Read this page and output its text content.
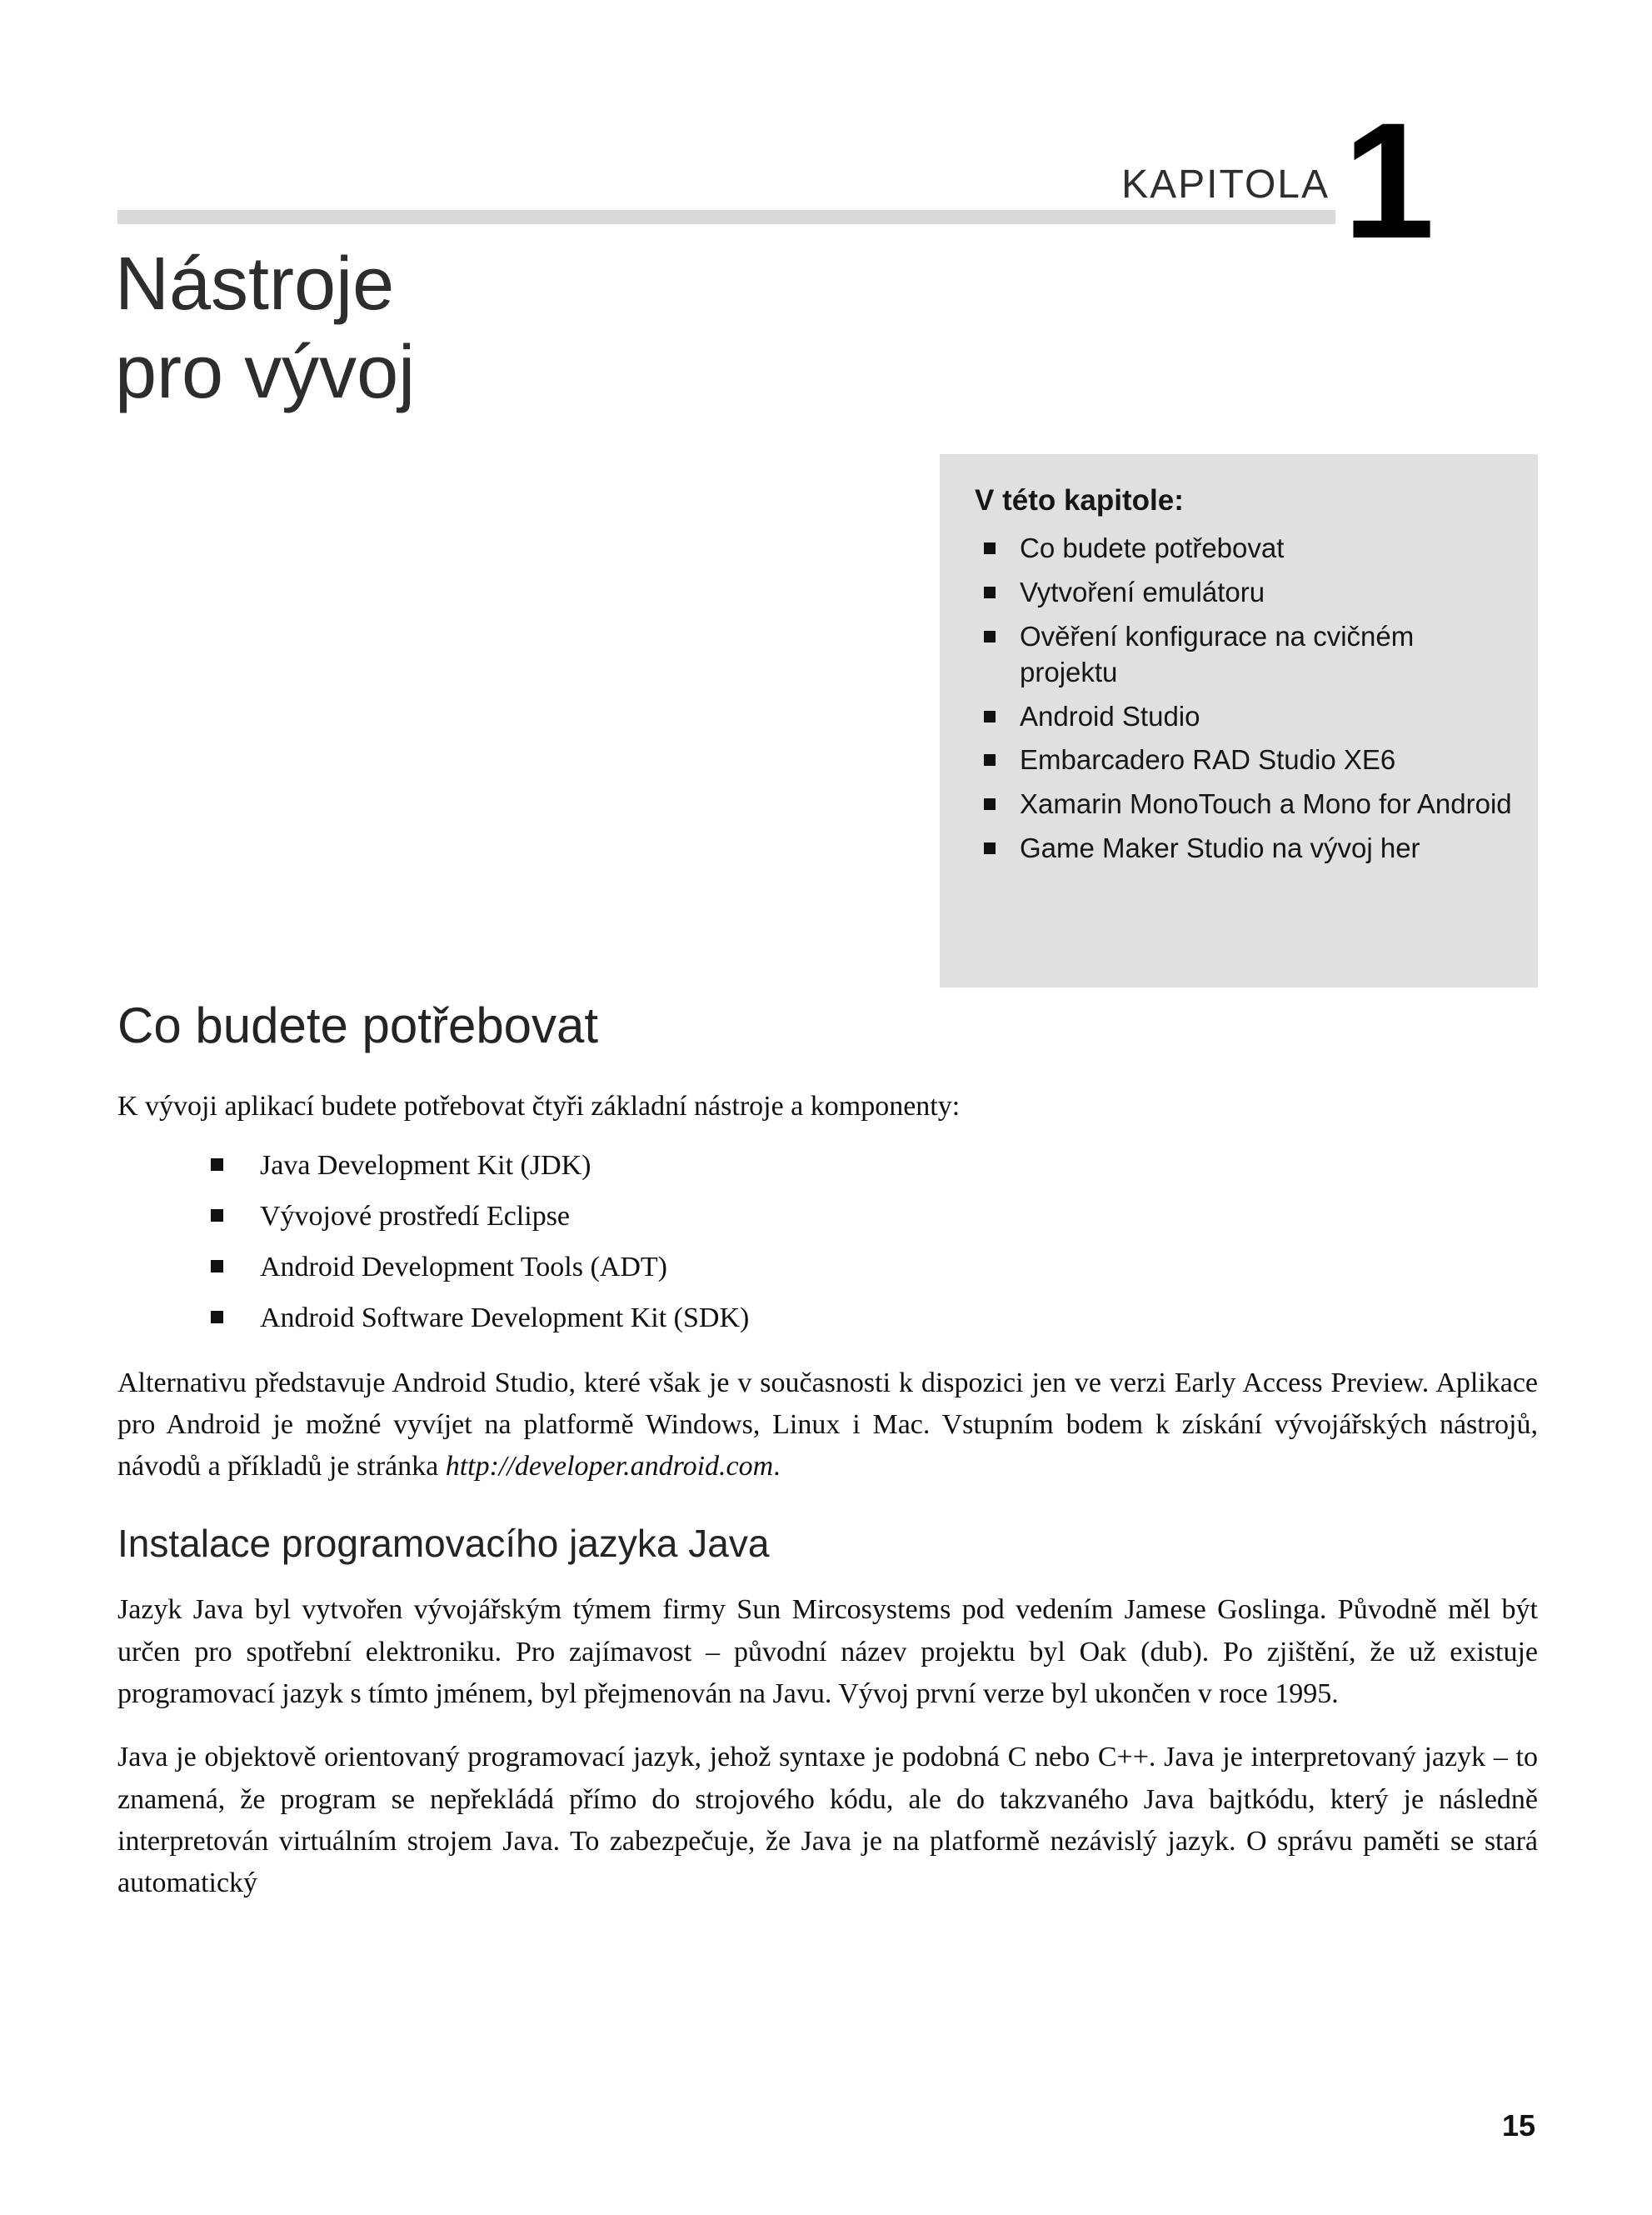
KAPITOLA 1
Nástroje
pro vývoj
V této kapitole:
Co budete potřebovat
Vytvoření emulátoru
Ověření konfigurace na cvičném projektu
Android Studio
Embarcadero RAD Studio XE6
Xamarin MonoTouch a Mono for Android
Game Maker Studio na vývoj her
Co budete potřebovat

K vývoji aplikací budete potřebovat čtyři základní nástroje a komponenty:

Java Development Kit (JDK)
Vývojové prostředí Eclipse
Android Development Tools (ADT)
Android Software Development Kit (SDK)

Alternativu představuje Android Studio, které však je v současnosti k dispozici jen ve verzi Early Access Preview. Aplikace pro Android je možné vyvíjet na platformě Windows, Linux i Mac. Vstupním bodem k získání vývojářských nástrojů, návodů a příkladů je stránka http://developer.android.com.

Instalace programovacího jazyka Java

Jazyk Java byl vytvořen vývojářským týmem firmy Sun Mircosystems pod vedením Jamese Goslinga. Původně měl být určen pro spotřební elektroniku. Pro zajímavost – původní název projektu byl Oak (dub). Po zjištění, že už existuje programovací jazyk s tímto jménem, byl přejmenován na Javu. Vývoj první verze byl ukončen v roce 1995.

Java je objektově orientovaný programovací jazyk, jehož syntaxe je podobná C nebo C++. Java je interpretovaný jazyk – to znamená, že program se nepřekládá přímo do strojového kódu, ale do takzvaného Java bajtkódu, který je následně interpretován virtuálním strojem Java. To zabezpečuje, že Java je na platformě nezávislý jazyk. O správu paměti se stará automatický

15
